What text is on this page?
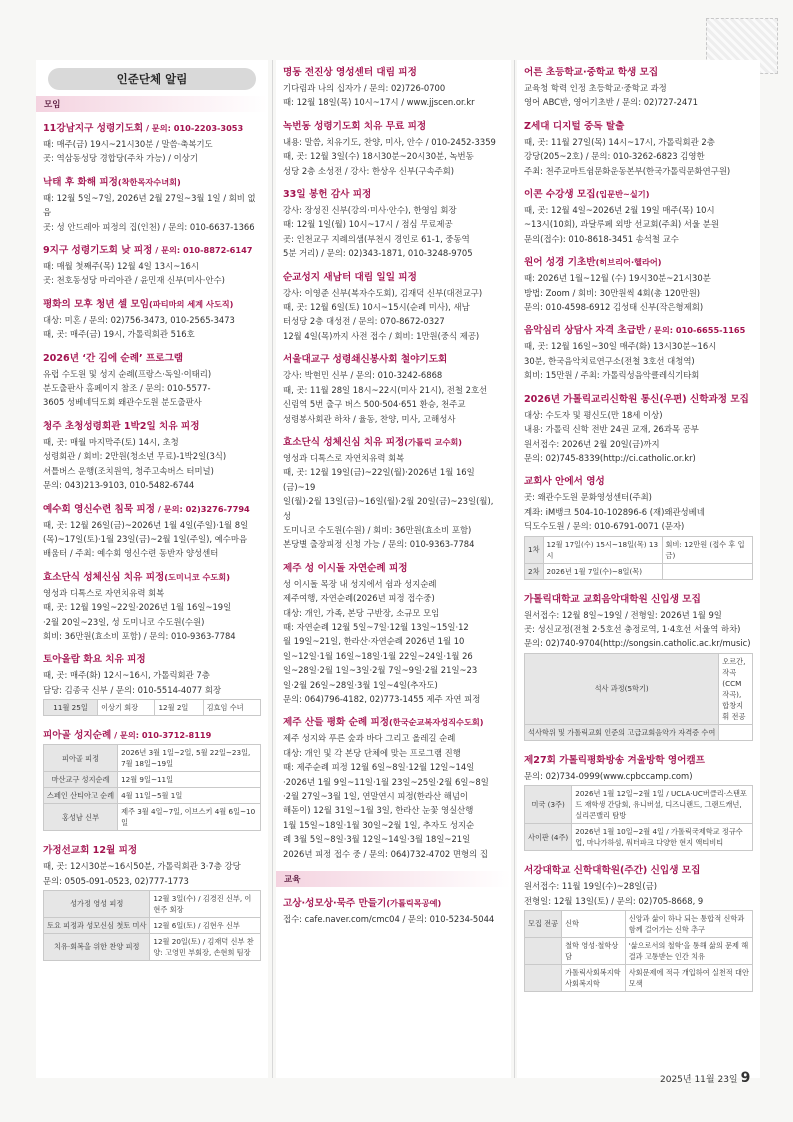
인준단체 알림
모임
11강남지구 성령기도회 / 문의: 010-2203-3053

때: 매주(금) 19시~21시30분 / 말씀·축복기도

곳: 역삼동성당 경합당(주차 가능) / 이상기

낙태 후 화해 피정(착한목자수녀회)

때: 12월 5일~7일, 2026년 2월 27일~3월 1일 / 회비 없음

곳: 성 안드레아 피정의 집(인천) / 문의: 010-6637-1366

9지구 성령기도회 낮 피정 / 문의: 010-8872-6147

때: 매월 첫째주(목) 12월 4일 13시~16시

곳: 천호동성당 마리아관 / 윤민재 신부(미사·안수)

평화의 모후 청년 셀 모임(파티마의 세계 사도직)

대상: 미혼 / 문의: 02)756-3473, 010-2565-3473

때, 곳: 매주(금) 19시, 가톨릭회관 516호

2026년 ‘간 김에 순례’ 프로그램

유럽 수도원 및 성지 순례(프랑스·독일·이태리)

분도출판사 홈페이지 참조 / 문의: 010-5577-

3605 성베네딕도회 왜관수도원 분도출판사

청주 초청성령회관 1박2일 치유 피정

때, 곳: 매월 마지막주(토) 14시, 초청

성령회관 / 회비: 2만원(청소년 무료)-1박2일(3식)

셔틀버스 운행(조치원역, 청주고속버스 터미널)

문의: 043)213-9103, 010-5482-6744

예수회 영신수련 침묵 피정 / 문의: 02)3276-7794

때, 곳: 12월 26일(금)~2026년 1월 4일(주일)·1월 8일

(목)~17일(토)·1월 23일(금)~2월 1일(주일), 예수마음

배움터 / 주최: 예수회 영신수련 동반자 양성센터

효소단식 성체신심 치유 피정(도미니코 수도회)

영성과 디톡스로 자연치유력 회복

때, 곳: 12월 19일~22일·2026년 1월 16일~19일

·2월 20일~23일, 성 도미니코 수도원(수원)

회비: 36만원(효소비 포함) / 문의: 010-9363-7784

토아올람 화요 치유 피정

때, 곳: 매주(화) 12시~16시, 가톨릭회관 7층

담당: 김종국 신부 / 문의: 010-5514-4077 회장

11월 25일	이상기 회장	12월 2일	김효임 수녀
피아골 성지순례 / 문의: 010-3712-8119
피아골 피정	2026년 3월 1일~2일, 5월 22일~23일, 7월 18일~19일
마산교구 성지순례	12월 9일~11일
스페인 산티아고 순례	4월 11일~5월 1일
홍성남 신부	제주 3월 4일~7일, 이브스키 4월 6일~10일
가정선교회 12월 피정

때, 곳: 12시30분~16시50분, 가톨릭회관 3·7층 강당

문의: 0505-091-0523, 02)777-1773

성가정 영성 피정	12월 3일(수) / 김경진 신부, 이현주 회장
토요 피정과 성모신심 첫토 미사	12월 6일(토) / 김현우 신부
치유·회복을 위한 찬양 피정	12월 20일(토) / 김재덕 신부 찬양: 고영민 부회장, 손현희 팀장
명동 전진상 영성센터 대림 피정

기다림과 나의 십자가 / 문의: 02)726-0700

때: 12월 18일(목) 10시~17시 / www.jjscen.or.kr

녹번동 성령기도회 치유 무료 피정

내용: 말씀, 치유기도, 찬양, 미사, 안수 / 010-2452-3359

때, 곳: 12월 3일(수) 18시30분~20시30분, 녹번동

성당 2층 소성전 / 강사: 한상우 신부(구속주회)

33일 봉헌 감사 피정

강사: 장성진 신부(강의·미사·안수), 한영임 회장

때: 12월 1일(월) 10시~17시 / 점심 무료제공

곳: 인천교구 지례의샘(부천시 경인로 61-1, 중동역

5분 거리) / 문의: 02)343-1871, 010-3248-9705

순교성지 새남터 대림 일일 피정

강사: 이영준 신부(복자수도회), 김재덕 신부(대전교구)

때, 곳: 12월 6일(토) 10시~15시(순례 미사), 새남

터성당 2층 대성전 / 문의: 070-8672-0327

12월 4일(목)까지 사전 접수 / 회비: 1만원(중식 제공)

서울대교구 성령쇄신봉사회 철야기도회

강사: 박현민 신부 / 문의: 010-3242-6868

때, 곳: 11월 28일 18시~22시(미사 21시), 전철 2호선

신림역 5번 출구 버스 500·504·651 환승, 천주교

성령봉사회관 하차 / 율동, 찬양, 미사, 고해성사

효소단식 성체신심 치유 피정(가톨릭 교수회)

영성과 디톡스로 자연치유력 회복

때, 곳: 12월 19일(금)~22일(월)·2026년 1월 16일(금)~19

일(월)·2월 13일(금)~16일(월)·2월 20일(금)~23일(월), 성

도미니코 수도원(수원) / 회비: 36만원(효소비 포함)

본당별 출장피정 신청 가능 / 문의: 010-9363-7784

제주 성 이시돌 자연순례 피정

성 이시돌 목장 내 성지에서 쉼과 성지순례

제주여행, 자연순례(2026년 피정 접수중)

대상: 개인, 가족, 본당 구반장, 소규모 모임

때: 자연순례 12월 5일~7일·12월 13일~15일·12

월 19일~21일, 한라산·자연순례 2026년 1월 10

일~12일·1월 16일~18일·1월 22일~24일·1월 26

일~28일·2월 1일~3일·2월 7일~9일·2월 21일~23

일·2월 26일~28일·3월 1일~4일(추자도)

문의: 064)796-4182, 02)773-1455 제주 자연 피정

제주 산들 평화 순례 피정(한국순교복자성직수도회)

제주 성지와 푸른 숲과 바다 그리고 올레길 순례

대상: 개인 및 각 본당 단체에 맞는 프로그램 진행

때: 제주순례 피정 12월 6일~8일·12월 12일~14일

·2026년 1월 9일~11일·1월 23일~25일·2월 6일~8일

·2월 27일~3월 1일, 연말연시 피정(한라산 해넘이

해돋이) 12월 31일~1월 3일, 한라산 눈꽃 영실산행

1월 15일~18일·1월 30일~2월 1일, 추자도 성지순

례 3월 5일~8일·3월 12일~14일·3월 18일~21일

2026년 피정 접수 중 / 문의: 064)732-4702 면형의 집

교육
고상·성모상·묵주 만들기(가톨릭목공예)

접수: cafe.naver.com/cmc04 / 문의: 010-5234-5044

어른 초등학교·중학교 학생 모집

교육청 학력 인정 초등학교·중학교 과정

영어 ABC반, 영어기초반 / 문의: 02)727-2471

Z세대 디지털 중독 탈출

때, 곳: 11월 27일(목) 14시~17시, 가톨릭회관 2층

강당(205~2호) / 문의: 010-3262-6823 김영한

주최: 천주교마트쉼문화운동본부(한국가톨릭문화연구원)

이콘 수강생 모집(입문반~실기)

때, 곳: 12월 4일~2026년 2월 19일 매주(목) 10시

~13시(10회), 과달루페 외방 선교회(주최) 서울 분원

문의(접수): 010-8618-3451 송석철 교수

원어 성경 기초반(히브리어·헬라어)

때: 2026년 1월~12월 (수) 19시30분~21시30분

방법: Zoom / 회비: 30만원씩 4회(총 120만원)

문의: 010-4598-6912 김성태 신부(작은형제회)

음악심리 상담사 자격 초급반 / 문의: 010-6655-1165

때, 곳: 12월 16일~30일 매주(화) 13시30분~16시

30분, 한국음악치료연구소(전철 3호선 대청역)

회비: 15만원 / 주최: 가톨릭성음악클레식기타회

2026년 가톨릭교리신학원 통신(우편) 신학과정 모집

대상: 수도자 및 평신도(만 18세 이상)

내용: 가톨릭 신학 전반 24권 교재, 26과목 공부

원서접수: 2026년 2월 20일(금)까지

문의: 02)745-8339(http://ci.catholic.or.kr)

교회사 안에서 영성

곳: 왜관수도원 문화영성센터(주최)

계좌: iM뱅크 504-10-102896-6 (재)왜관성베네

딕도수도원 / 문의: 010-6791-0071 (문자)

1차	12월 17일(수) 15시~18일(목) 13시	회비: 12만원 (접수 후 입금)
2차	2026년 1월 7일(수)~8일(목)	
가톨릭대학교 교회음악대학원 신입생 모집

원서접수: 12월 8일~19일 / 전형일: 2026년 1월 9일

곳: 성신교정(전철 2·5호선 충정로역, 1·4호선 서울역 하차)

문의: 02)740-9704(http://songsin.catholic.ac.kr/music)

석사 과정(5학기)	오르간, 작곡(CCM 작곡), 합창지휘 전공
석사학위 및 가톨릭교회 인준의 고급교회음악가 자격증 수여	
제27회 가톨릭평화방송 겨울방학 영어캠프

문의: 02)734-0999(www.cpbccamp.com)

미국 (3주)	2026년 1월 12일~2월 1일 / UCLA·UC버클리·스탠포드 재학생 간담회, 유니버셜, 디즈니랜드, 그랜드캐넌, 실리콘밸리 탐방
사이판 (4주)	2026년 1월 10일~2월 4일 / 가톨릭국제학교 정규수업, 마나가하섬, 워터파크 다양한 현지 액티비티
서강대학교 신학대학원(주간) 신입생 모집

원서접수: 11월 19일(수)~28일(금)

전형일: 12월 13일(토) / 문의: 02)705-8668, 9

모집 전공	신학	신앙과 삶이 하나 되는 통합적 신학과 함께 걸어가는 신학 추구
	철학 영성·철학상담	'삶으로서의 철학'을 통해 삶의 문제 해결과 고통받는 인간 치유
	가톨릭사회복지학 사회복지학	사회문제에 적극 개입하여 실천적 대안 모색
2025년 11월 23일 9
